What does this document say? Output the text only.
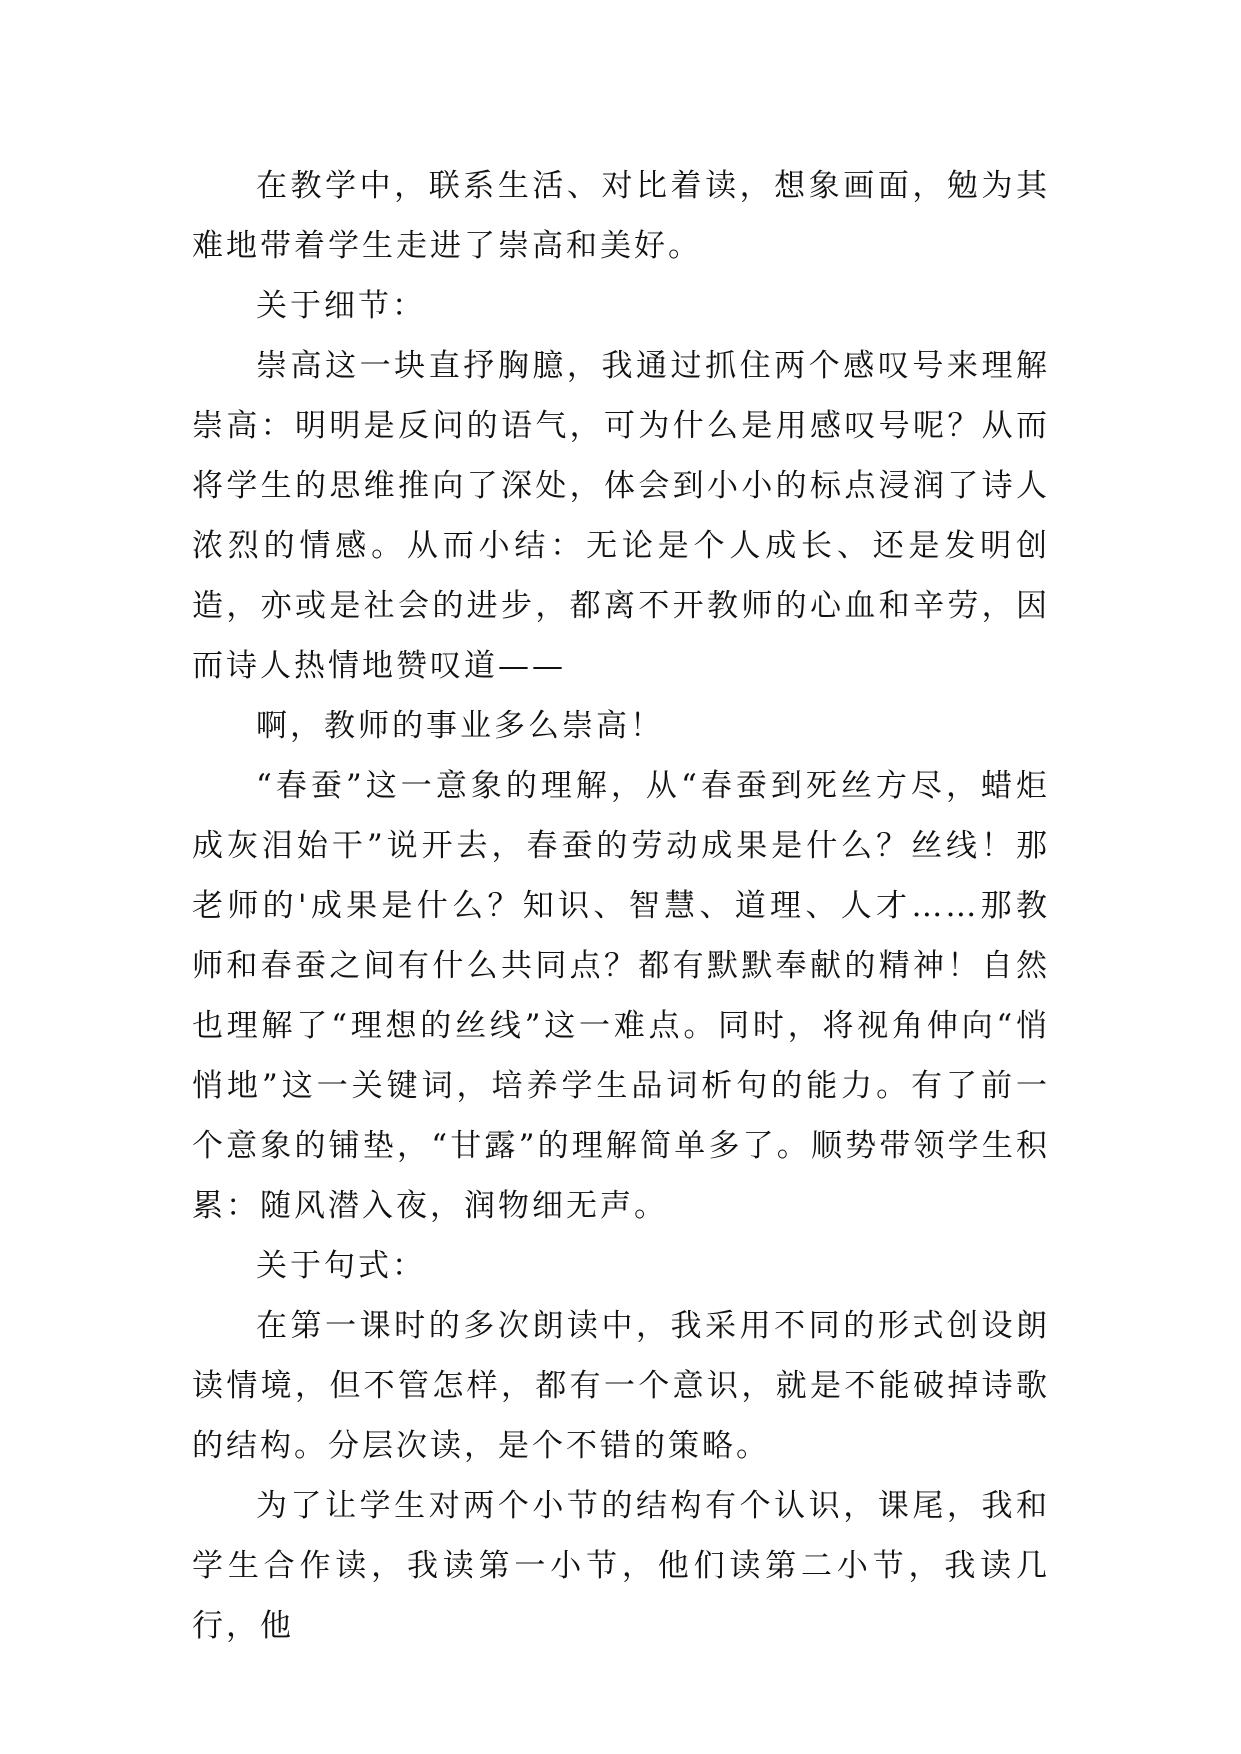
在教学中，联系生活、对比着读，想象画面，勉为其难地带着学生走进了崇高和美好。

关于细节：

崇高这一块直抒胸臆，我通过抓住两个感叹号来理解崇高：明明是反问的语气，可为什么是用感叹号呢？从而将学生的思维推向了深处，体会到小小的标点浸润了诗人浓烈的情感。从而小结：无论是个人成长、还是发明创造，亦或是社会的进步，都离不开教师的心血和辛劳，因而诗人热情地赞叹道——

啊，教师的事业多么崇高！

“春蚕”这一意象的理解，从“春蚕到死丝方尽，蜡炬成灰泪始干”说开去，春蚕的劳动成果是什么？丝线！那老师的'成果是什么？知识、智慧、道理、人才……那教师和春蚕之间有什么共同点？都有默默奉献的精神！自然也理解了“理想的丝线”这一难点。同时，将视角伸向“悄悄地”这一关键词，培养学生品词析句的能力。有了前一个意象的铺垫，“甘露”的理解简单多了。顺势带领学生积累：随风潜入夜，润物细无声。

关于句式：

在第一课时的多次朗读中，我采用不同的形式创设朗读情境，但不管怎样，都有一个意识，就是不能破掉诗歌的结构。分层次读，是个不错的策略。

为了让学生对两个小节的结构有个认识，课尾，我和学生合作读，我读第一小节，他们读第二小节，我读几行，他
